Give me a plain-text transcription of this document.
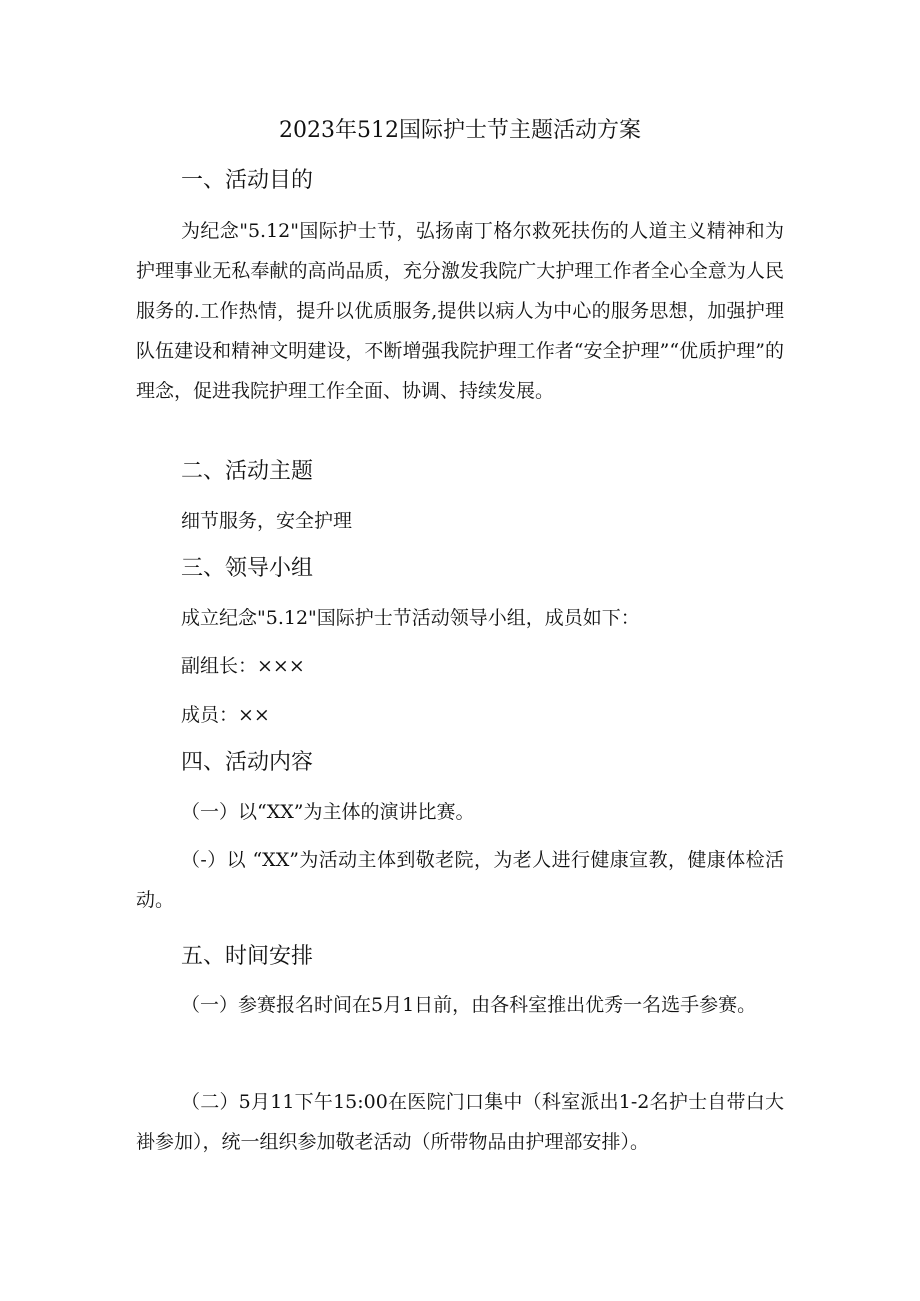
2023年512国际护士节主题活动方案
一、活动目的
为纪念"5.12"国际护士节，弘扬南丁格尔救死扶伤的人道主义精神和为护理事业无私奉献的高尚品质，充分激发我院广大护理工作者全心全意为人民服务的.工作热情，提升以优质服务,提供以病人为中心的服务思想，加强护理队伍建设和精神文明建设，不断增强我院护理工作者“安全护理”“优质护理”的理念，促进我院护理工作全面、协调、持续发展。
二、活动主题
细节服务，安全护理
三、领导小组
成立纪念"5.12"国际护士节活动领导小组，成员如下：
副组长：×××
成员：××
四、活动内容
（一）以“XX”为主体的演讲比赛。
（-）以 “XX”为活动主体到敬老院，为老人进行健康宣教，健康体检活动。
五、时间安排
（一）参赛报名时间在5月1日前，由各科室推出优秀一名选手参赛。
（二）5月11下午15:00在医院门口集中（科室派出1-2名护士自带白大褂参加），统一组织参加敬老活动（所带物品由护理部安排）。
